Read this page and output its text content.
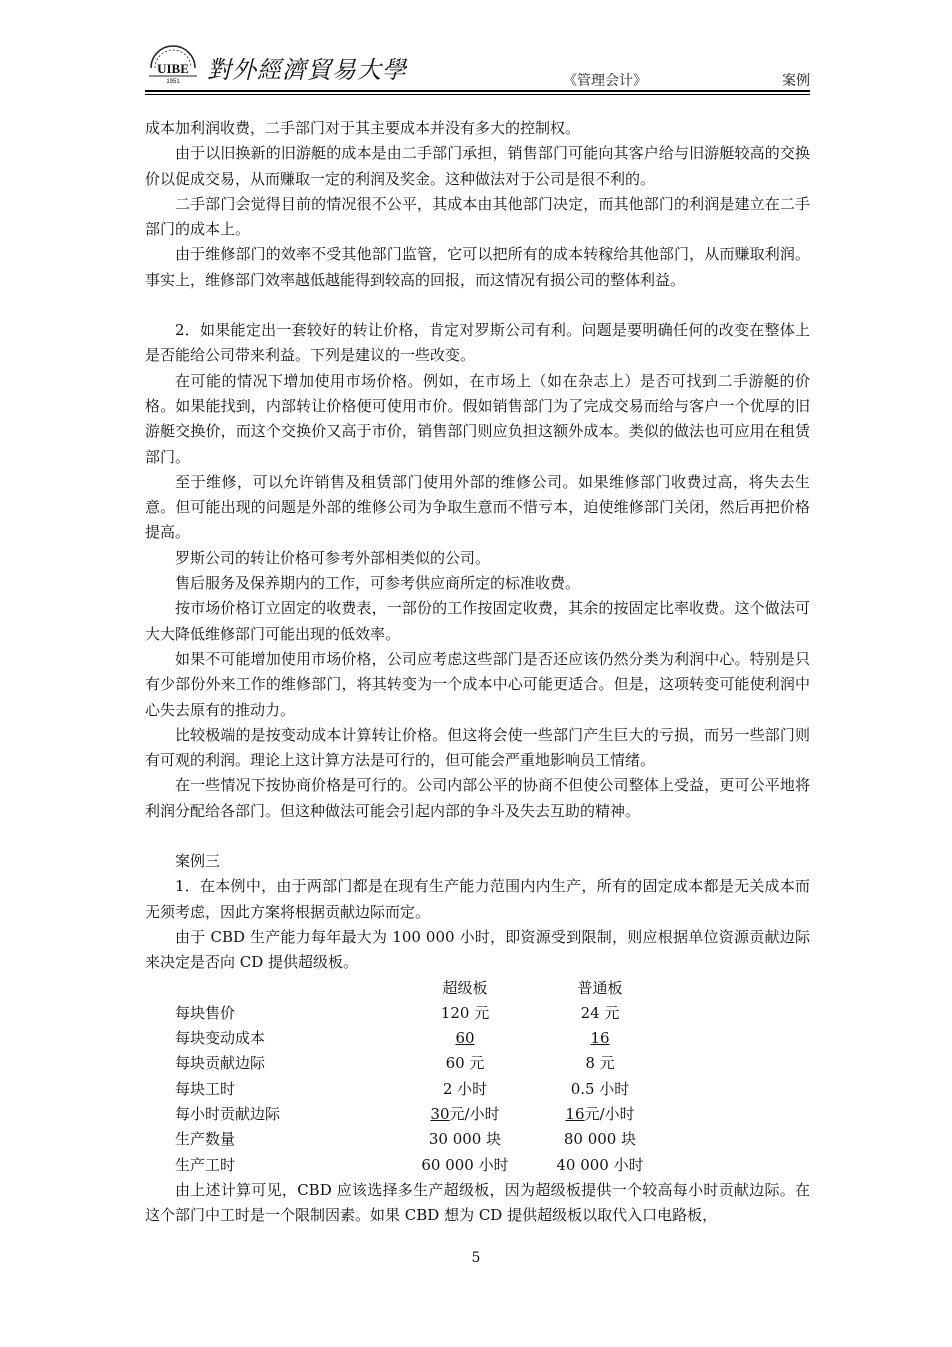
UIBE
1951 對外經濟貿易大學	《管理会计》	案例

成本加利润收费，二手部门对于其主要成本并没有多大的控制权。

由于以旧换新的旧游艇的成本是由二手部门承担，销售部门可能向其客户给与旧游艇较高的交换价以促成交易，从而赚取一定的利润及奖金。这种做法对于公司是很不利的。

二手部门会觉得目前的情况很不公平，其成本由其他部门决定，而其他部门的利润是建立在二手部门的成本上。

由于维修部门的效率不受其他部门监管，它可以把所有的成本转稼给其他部门，从而赚取利润。事实上，维修部门效率越低越能得到较高的回报，而这情况有损公司的整体利益。

2．如果能定出一套较好的转让价格，肯定对罗斯公司有利。问题是要明确任何的改变在整体上是否能给公司带来利益。下列是建议的一些改变。

在可能的情况下增加使用市场价格。例如，在市场上（如在杂志上）是否可找到二手游艇的价格。如果能找到，内部转让价格便可使用市价。假如销售部门为了完成交易而给与客户一个优厚的旧游艇交换价，而这个交换价又高于市价，销售部门则应负担这额外成本。类似的做法也可应用在租赁部门。

至于维修，可以允许销售及租赁部门使用外部的维修公司。如果维修部门收费过高，将失去生意。但可能出现的问题是外部的维修公司为争取生意而不惜亏本，迫使维修部门关闭，然后再把价格提高。

罗斯公司的转让价格可参考外部相类似的公司。

售后服务及保养期内的工作，可参考供应商所定的标准收费。

按市场价格订立固定的收费表，一部份的工作按固定收费，其余的按固定比率收费。这个做法可大大降低维修部门可能出现的低效率。

如果不可能增加使用市场价格，公司应考虑这些部门是否还应该仍然分类为利润中心。特别是只有少部份外来工作的维修部门，将其转变为一个成本中心可能更适合。但是，这项转变可能使利润中心失去原有的推动力。

比较极端的是按变动成本计算转让价格。但这将会使一些部门产生巨大的亏损，而另一些部门则有可观的利润。理论上这计算方法是可行的，但可能会严重地影响员工情绪。

在一些情况下按协商价格是可行的。公司内部公平的协商不但使公司整体上受益，更可公平地将利润分配给各部门。但这种做法可能会引起内部的争斗及失去互助的精神。

案例三

1．在本例中，由于两部门都是在现有生产能力范围内内生产，所有的固定成本都是无关成本而无须考虑，因此方案将根据贡献边际而定。

由于 CBD 生产能力每年最大为 100 000 小时，即资源受到限制，则应根据单位资源贡献边际来决定是否向 CD 提供超级板。

	超级板	普通板
每块售价	120 元	24 元
每块变动成本	60	16
每块贡献边际	60 元	8 元
每块工时	2 小时	0.5 小时
每小时贡献边际	30元/小时	16元/小时
生产数量	30 000 块	80 000 块
生产工时	60 000 小时	40 000 小时

由上述计算可见，CBD 应该选择多生产超级板，因为超级板提供一个较高每小时贡献边际。在这个部门中工时是一个限制因素。如果 CBD 想为 CD 提供超级板以取代入口电路板，

5
